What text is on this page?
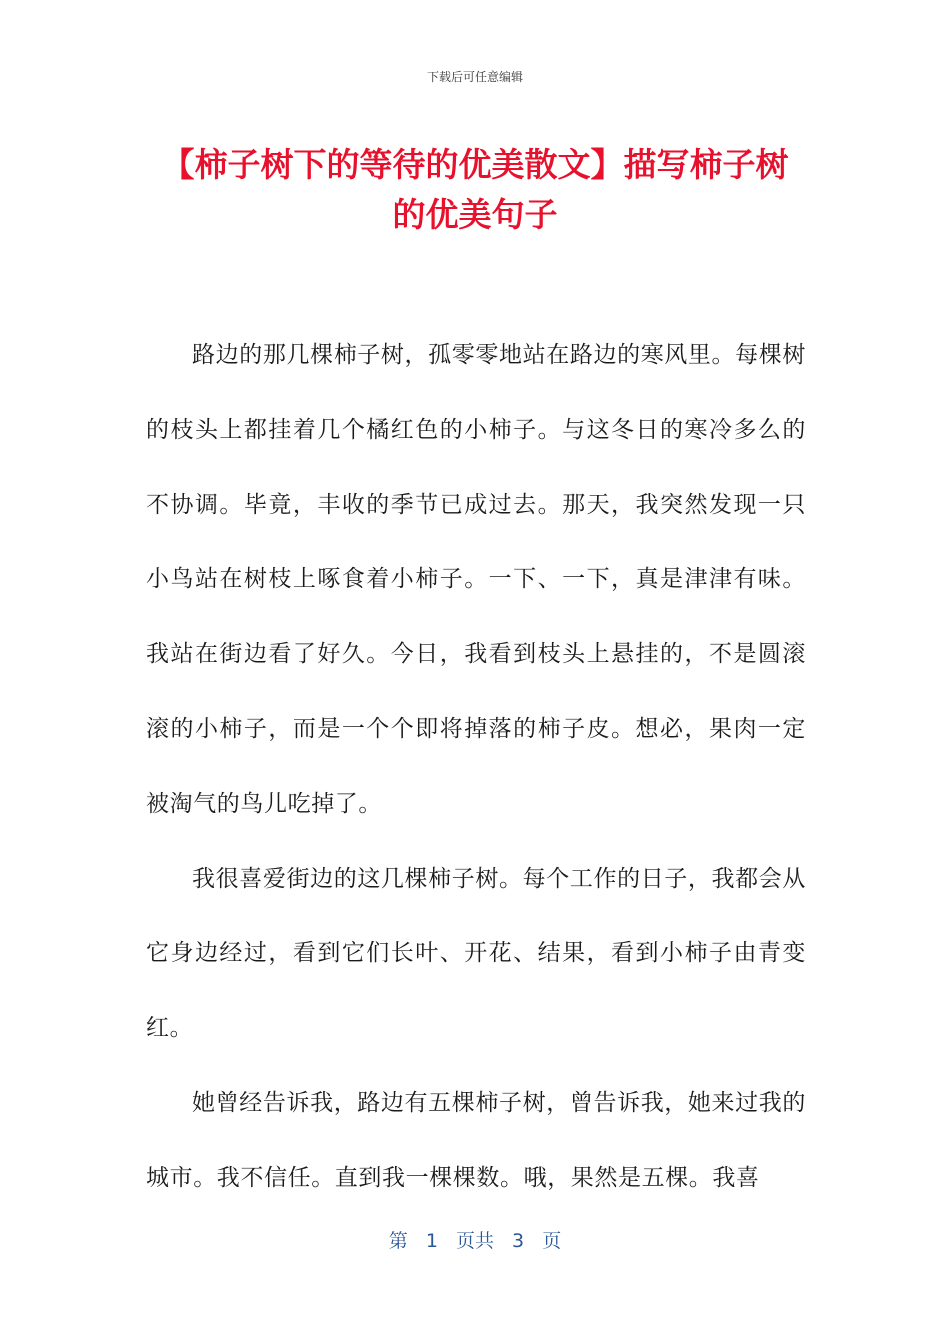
下载后可任意编辑
【柿子树下的等待的优美散文】描写柿子树
的优美句子

路边的那几棵柿子树，孤零零地站在路边的寒风里。每棵树的枝头上都挂着几个橘红色的小柿子。与这冬日的寒冷多么的不协调。毕竟，丰收的季节已成过去。那天，我突然发现一只小鸟站在树枝上啄食着小柿子。一下、一下，真是津津有味。我站在街边看了好久。今日，我看到枝头上悬挂的，不是圆滚滚的小柿子，而是一个个即将掉落的柿子皮。想必，果肉一定被淘气的鸟儿吃掉了。

我很喜爱街边的这几棵柿子树。每个工作的日子，我都会从它身边经过，看到它们长叶、开花、结果，看到小柿子由青变红。

她曾经告诉我，路边有五棵柿子树，曾告诉我，她来过我的城市。我不信任。直到我一棵棵数。哦，果然是五棵。我喜

第 1 页共 3 页
